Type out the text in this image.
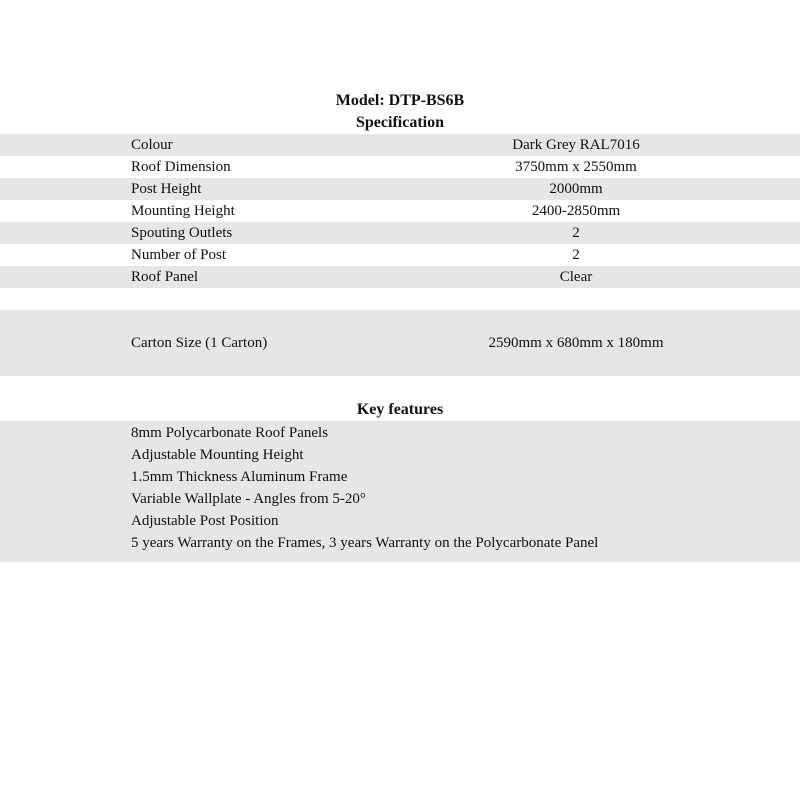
Model: DTP-BS6B
Specification
Colour	Dark Grey RAL7016
Roof Dimension	3750mm x 2550mm
Post Height	2000mm
Mounting Height	2400-2850mm
Spouting Outlets	2
Number of Post	2
Roof Panel	Clear
Carton Size (1 Carton)	2590mm x 680mm x 180mm
Key features
8mm Polycarbonate Roof Panels
Adjustable Mounting Height
1.5mm Thickness Aluminum Frame
Variable Wallplate - Angles from 5-20°
Adjustable Post Position
5 years Warranty on the Frames, 3 years Warranty on the Polycarbonate Panel
